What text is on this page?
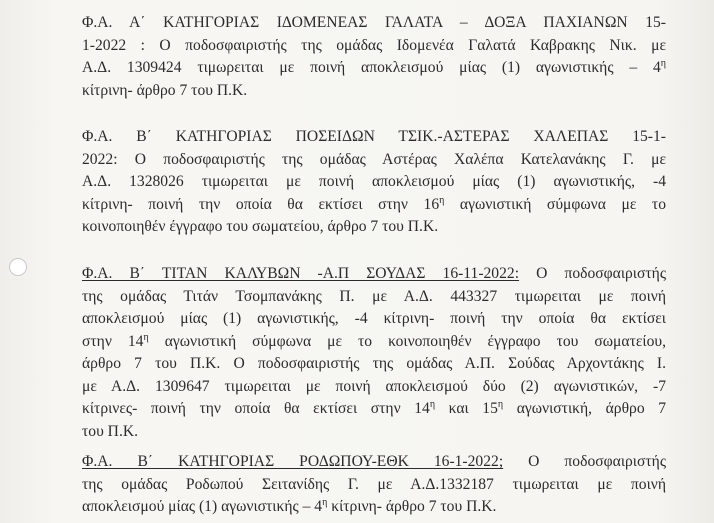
Φ.Α. Α΄ ΚΑΤΗΓΟΡΙΑΣ ΙΔΟΜΕΝΕΑΣ ΓΑΛΑΤΑ – ΔΟΞΑ ΠΑΧΙΑΝΩΝ 15-
1-2022 : Ο ποδοσφαιριστής της ομάδας Ιδομενέα Γαλατά Καβρακης Νικ. με
Α.Δ. 1309424 τιμωρειται με ποινή αποκλεισμού μίας (1) αγωνιστικής – $4^\eta$
κίτρινη- άρθρο 7 του Π.Κ.
Φ.Α. Β΄ ΚΑΤΗΓΟΡΙΑΣ ΠΟΣΕΙΔΩΝ ΤΣΙΚ.-ΑΣΤΕΡΑΣ ΧΑΛΕΠΑΣ 15-1-
2022: Ο ποδοσφαιριστής της ομάδας Αστέρας Χαλέπα Κατελανάκης Γ. με
Α.Δ. 1328026 τιμωρειται με ποινή αποκλεισμού μίας (1) αγωνιστικής, -4
κίτρινη- ποινή την οποία θα εκτίσει στην $16^\eta$ αγωνιστική σύμφωνα με το
κοινοποιηθέν έγγραφο του σωματείου, άρθρο 7 του Π.Κ.
Φ.Α. Β΄ ΤΙΤΑΝ ΚΑΛΥΒΩΝ -Α.Π ΣΟΥΔΑΣ 16-11-2022: Ο ποδοσφαιριστής
της ομάδας Τιτάν Τσομπανάκης Π. με Α.Δ. 443327 τιμωρειται με ποινή
αποκλεισμού μίας (1) αγωνιστικής, -4 κίτρινη- ποινή την οποία θα εκτίσει
στην $14^\eta$ αγωνιστική σύμφωνα με το κοινοποιηθέν έγγραφο του σωματείου,
άρθρο 7 του Π.Κ. Ο ποδοσφαιριστής της ομάδας Α.Π. Σούδας Αρχοντάκης Ι.
με Α.Δ. 1309647 τιμωρειται με ποινή αποκλεισμού δύο (2) αγωνιστικών, -7
κίτρινες- ποινή την οποία θα εκτίσει στην $14^\eta$ και $15^\eta$ αγωνιστική, άρθρο 7
του Π.Κ.
Φ.Α. Β΄ ΚΑΤΗΓΟΡΙΑΣ ΡΟΔΩΠΟΥ-ΕΘΚ 16-1-2022; Ο ποδοσφαιριστής
της ομάδας Ροδωπού Σειτανίδης Γ. με Α.Δ.1332187 τιμωρειται με ποινή
αποκλεισμού μίας (1) αγωνιστικής – $4^\eta$ κίτρινη- άρθρο 7 του Π.Κ.
